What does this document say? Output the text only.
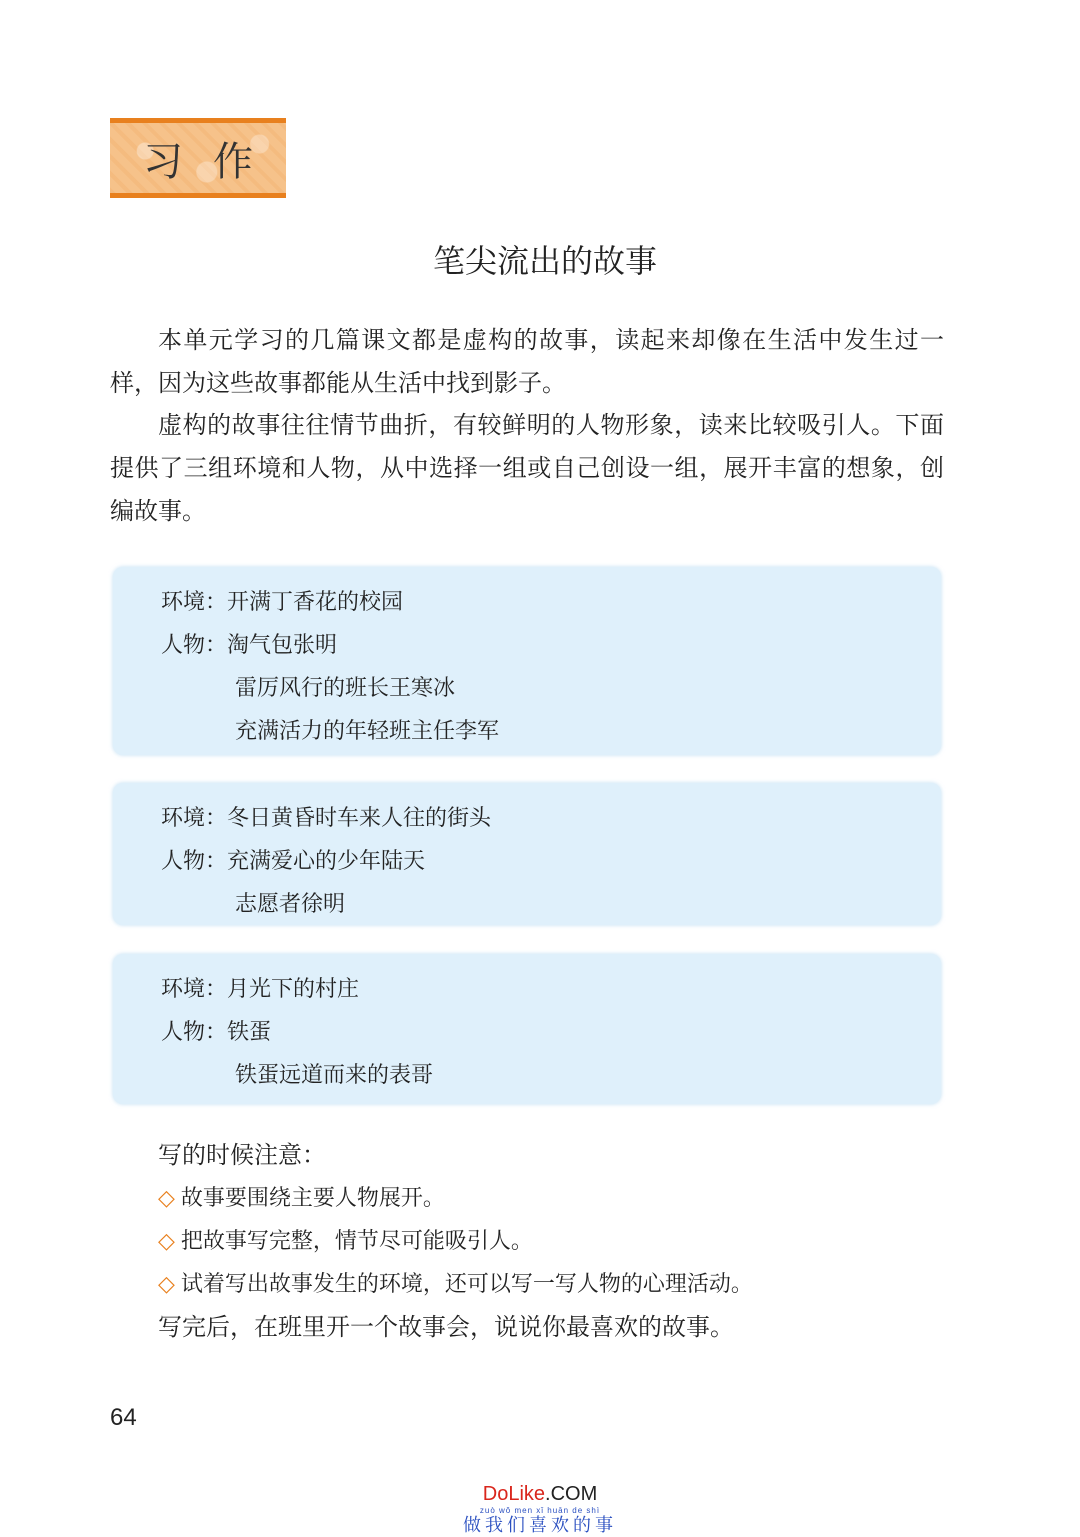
习作
笔尖流出的故事

本单元学习的几篇课文都是虚构的故事，读起来却像在生活中发生过一样，因为这些故事都能从生活中找到影子。

虚构的故事往往情节曲折，有较鲜明的人物形象，读来比较吸引人。下面提供了三组环境和人物，从中选择一组或自己创设一组，展开丰富的想象，创编故事。

环境：开满丁香花的校园
人物：淘气包张明
雷厉风行的班长王寒冰
充满活力的年轻班主任李军
环境：冬日黄昏时车来人往的街头
人物：充满爱心的少年陆天
志愿者徐明
环境：月光下的村庄
人物：铁蛋
铁蛋远道而来的表哥
写的时候注意：
◇ 故事要围绕主要人物展开。
◇ 把故事写完整，情节尽可能吸引人。
◇ 试着写出故事发生的环境，还可以写一写人物的心理活动。
写完后，在班里开一个故事会，说说你最喜欢的故事。
64
DoLike.COM
zuò wǒ men xǐ huān de shì
做我们喜欢的事
